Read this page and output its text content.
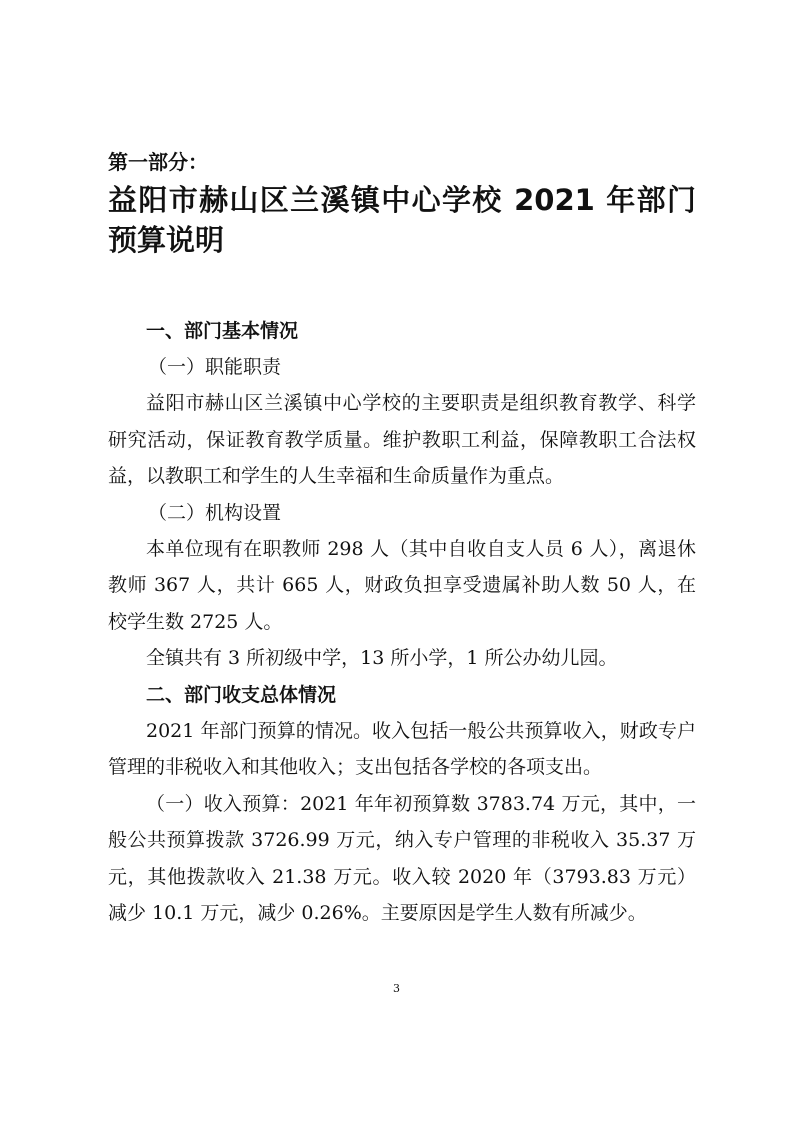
第一部分：

益阳市赫山区兰溪镇中心学校 2021 年部门预算说明

一、部门基本情况

（一）职能职责

益阳市赫山区兰溪镇中心学校的主要职责是组织教育教学、科学研究活动，保证教育教学质量。维护教职工利益，保障教职工合法权益，以教职工和学生的人生幸福和生命质量作为重点。

（二）机构设置

本单位现有在职教师 298 人（其中自收自支人员 6 人），离退休教师 367 人，共计 665 人，财政负担享受遗属补助人数 50 人，在校学生数 2725 人。

全镇共有 3 所初级中学，13 所小学，1 所公办幼儿园。

二、部门收支总体情况

2021 年部门预算的情况。收入包括一般公共预算收入，财政专户管理的非税收入和其他收入；支出包括各学校的各项支出。

（一）收入预算：2021 年年初预算数 3783.74 万元，其中，一般公共预算拨款 3726.99 万元，纳入专户管理的非税收入 35.37 万元，其他拨款收入 21.38 万元。收入较 2020 年（3793.83 万元）减少 10.1 万元，减少 0.26%。主要原因是学生人数有所减少。

3
